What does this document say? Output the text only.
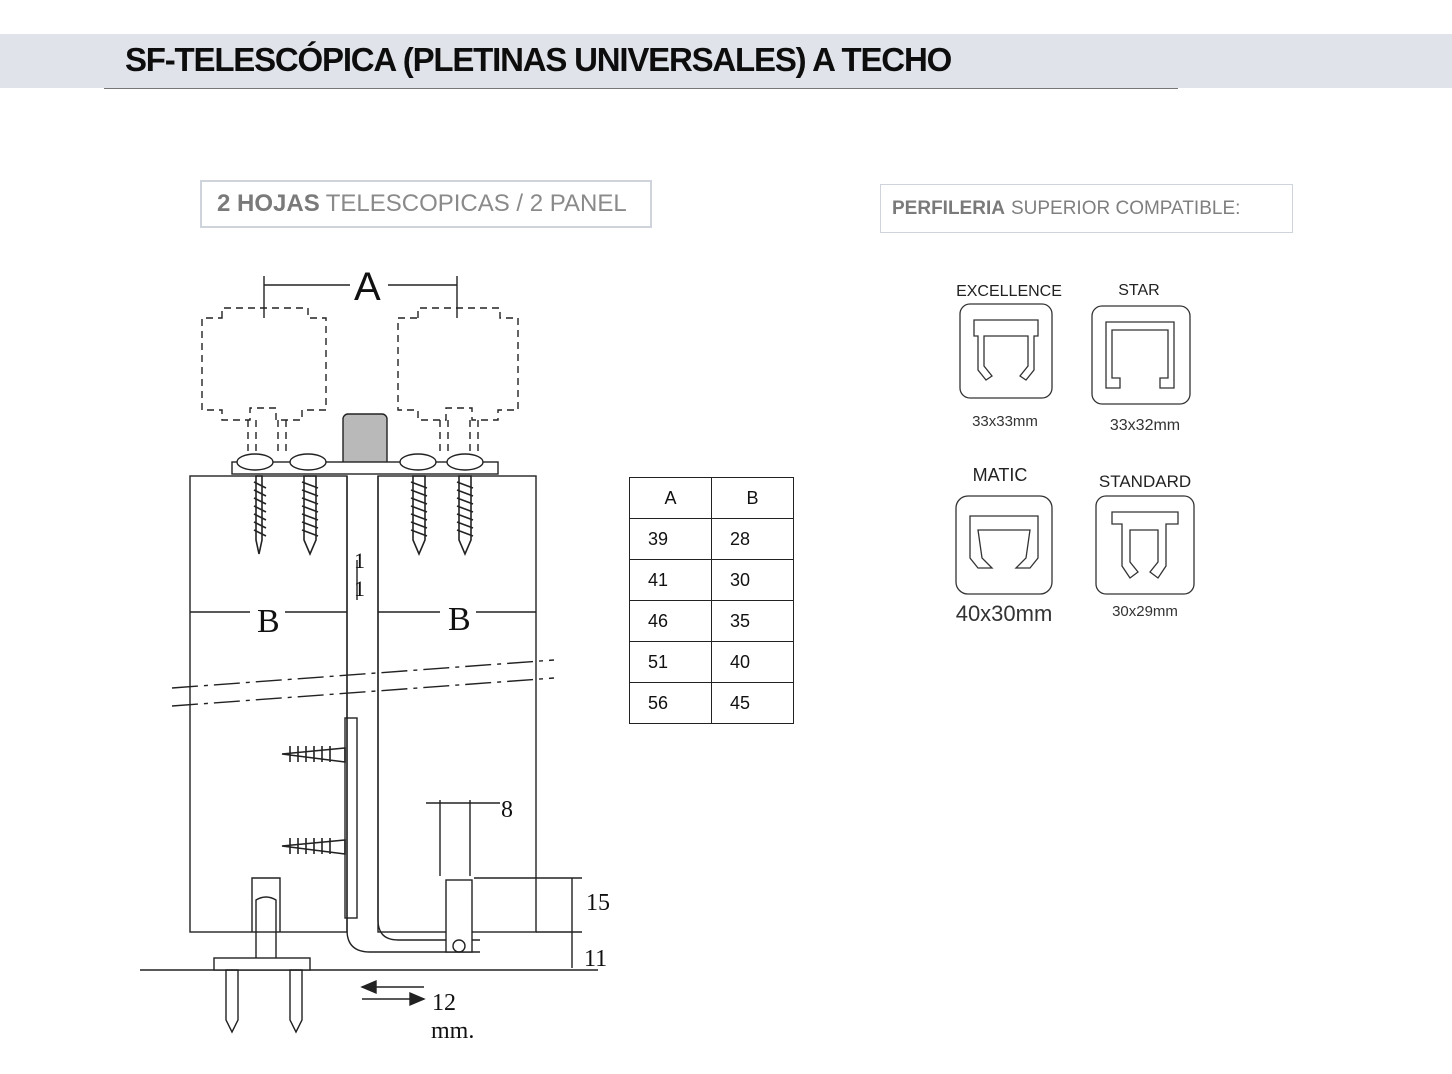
SF-TELESCÓPICA (PLETINAS UNIVERSALES) A TECHO
2 HOJAS TELESCOPICAS / 2 PANEL	PERFILERIA SUPERIOR COMPATIBLE:
A
B	B
1
1
8
15
11
12
mm.
A	B
39	28
41	30
46	35
51	40
56	45
EXCELLENCE
33x33mm
STAR
33x32mm
MATIC
40x30mm
STANDARD
30x29mm
